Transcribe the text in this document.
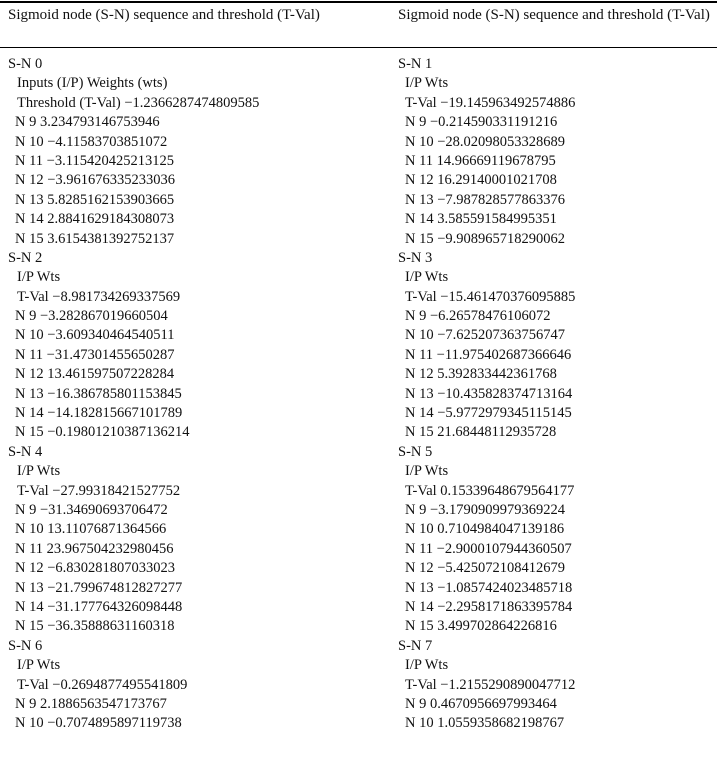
Sigmoid node (S-N) sequence and threshold (T-Val)
S-N 0
Inputs (I/P) Weights (wts)
Threshold (T-Val) −1.2366287474809585
N 9 3.234793146753946
N 10 −4.11583703851072
N 11 −3.115420425213125
N 12 −3.961676335233036
N 13 5.8285162153903665
N 14 2.8841629184308073
N 15 3.6154381392752137
S-N 2
I/P Wts
T-Val −8.981734269337569
N 9 −3.282867019660504
N 10 −3.609340464540511
N 11 −31.47301455650287
N 12 13.461597507228284
N 13 −16.386785801153845
N 14 −14.182815667101789
N 15 −0.19801210387136214
S-N 4
I/P Wts
T-Val −27.99318421527752
N 9 −31.34690693706472
N 10 13.11076871364566
N 11 23.967504232980456
N 12 −6.830281807033023
N 13 −21.799674812827277
N 14 −31.177764326098448
N 15 −36.35888631160318
S-N 6
I/P Wts
T-Val −0.2694877495541809
N 9 2.1886563547173767
N 10 −0.7074895897119738
Sigmoid node (S-N) sequence and threshold (T-Val)
S-N 1
I/P Wts
T-Val −19.145963492574886
N 9 −0.214590331191216
N 10 −28.02098053328689
N 11 14.96669119678795
N 12 16.29140001021708
N 13 −7.987828577863376
N 14 3.585591584995351
N 15 −9.908965718290062
S-N 3
I/P Wts
T-Val −15.461470376095885
N 9 −6.26578476106072
N 10 −7.625207363756747
N 11 −11.975402687366646
N 12 5.392833442361768
N 13 −10.435828374713164
N 14 −5.9772979345115145
N 15 21.68448112935728
S-N 5
I/P Wts
T-Val 0.15339648679564177
N 9 −3.1790909979369224
N 10 0.7104984047139186
N 11 −2.9000107944360507
N 12 −5.425072108412679
N 13 −1.0857424023485718
N 14 −2.2958171863395784
N 15 3.499702864226816
S-N 7
I/P Wts
T-Val −1.2155290890047712
N 9 0.4670956697993464
N 10 1.0559358682198767
